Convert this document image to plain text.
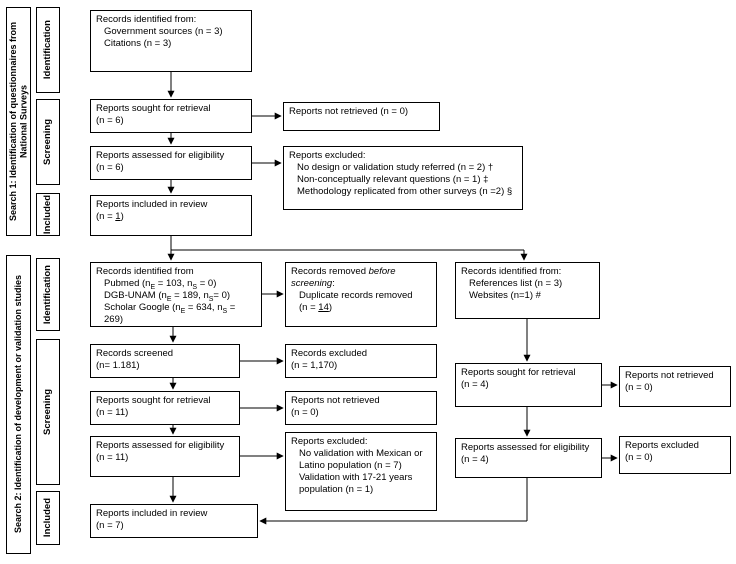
Search 1: Identification of questionnaires from National Surveys
Identification
Screening
Included
Records identified from:
Government sources (n = 3)
Citations (n = 3)
Reports sought for retrieval
(n = 6)
Reports not retrieved (n = 0)
Reports assessed for eligibility
(n = 6)
Reports excluded:
No design or validation study referred (n = 2) †
Non-conceptually relevant questions (n = 1) ‡
Methodology replicated from other surveys (n =2) §
Reports included in review
(n = 1)
Search 2: Identification of development or validation studies Identification
Screening
Included
Records identified from
Pubmed ($n_E = 103$, $n_S = 0$)
DGB-UNAM ($n_E = 189$, $n_S= 0$)
Scholar Google ($n_E = 634$, $n_S = 269$)
Records removed before screening:
Duplicate records removed
(n = 14)
Records identified from:
References list (n = 3)
Websites (n=1) #
Records screened
(n= 1.181)
Records excluded
(n = 1,170)
Reports sought for retrieval
(n = 11)
Reports not retrieved
(n = 0)
Reports assessed for eligibility
(n = 11)
Reports excluded:
No validation with Mexican or Latino population (n = 7)
Validation with 17-21 years population (n = 1)
Reports sought for retrieval
(n = 4)
Reports not retrieved
(n = 0)
Reports assessed for eligibility
(n = 4)
Reports excluded
(n = 0)
Reports included in review
(n = 7)
